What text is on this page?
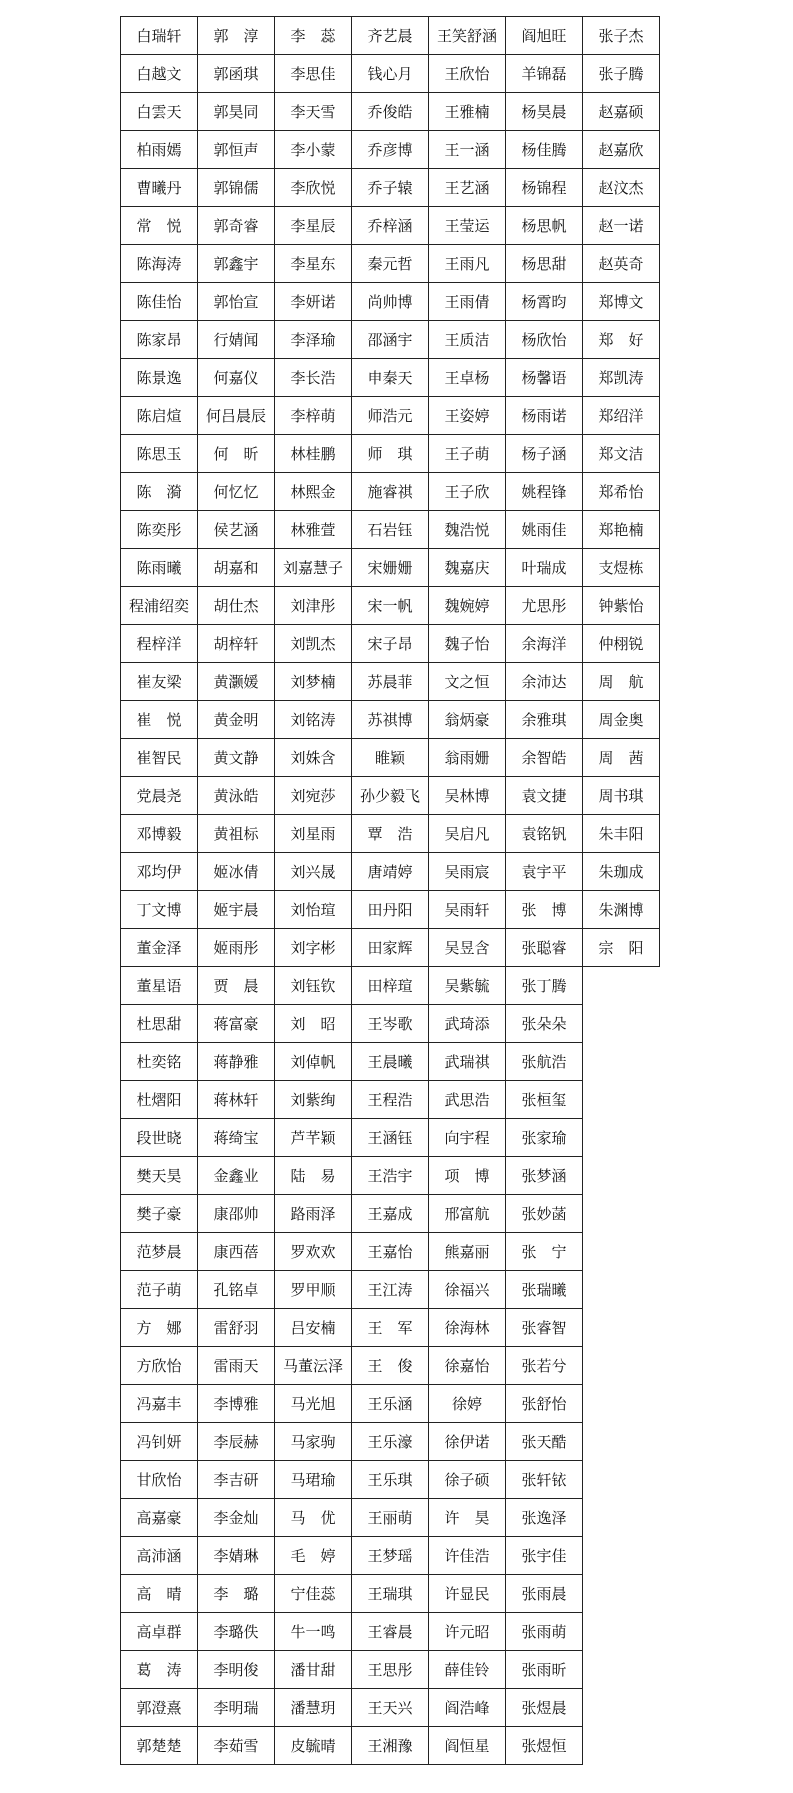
白瑞轩	郭　淳	李　蕊	齐艺晨	王笑舒涵	阎旭旺	张子杰
白越文	郭函琪	李思佳	钱心月	王欣怡	羊锦磊	张子腾
白雲天	郭昊同	李天雪	乔俊皓	王雅楠	杨昊晨	赵嘉硕
柏雨嫣	郭恒声	李小蒙	乔彦博	王一涵	杨佳腾	赵嘉欣
曹曦丹	郭锦儒	李欣悦	乔子辕	王艺涵	杨锦程	赵汶杰
常　悦	郭奇睿	李星辰	乔梓涵	王莹运	杨思帆	赵一诺
陈海涛	郭鑫宇	李星东	秦元哲	王雨凡	杨思甜	赵英奇
陈佳怡	郭怡宣	李妍诺	尚帅博	王雨倩	杨霄昀	郑博文
陈家昂	行婧闻	李泽瑜	邵涵宇	王质洁	杨欣怡	郑　好
陈景逸	何嘉仪	李长浩	申秦天	王卓杨	杨馨语	郑凯涛
陈启煊	何吕晨辰	李梓萌	师浩元	王姿婷	杨雨诺	郑绍洋
陈思玉	何　昕	林桂鹏	师　琪	王子萌	杨子涵	郑文洁
陈　漪	何忆忆	林熙金	施睿祺	王子欣	姚程锋	郑希怡
陈奕彤	侯艺涵	林雅萱	石岩钰	魏浩悦	姚雨佳	郑艳楠
陈雨曦	胡嘉和	刘嘉慧子	宋姗姗	魏嘉庆	叶瑞成	支煜栋
程浦绍奕	胡仕杰	刘津彤	宋一帆	魏婉婷	尤思彤	钟紫怡
程梓洋	胡梓轩	刘凯杰	宋子昂	魏子怡	余海洋	仲栩锐
崔友梁	黄灏媛	刘梦楠	苏晨菲	文之恒	余沛达	周　航
崔　悦	黄金明	刘铭涛	苏祺博	翁炳豪	余雅琪	周金奥
崔智民	黄文静	刘姝含	睢颖	翁雨姗	余智皓	周　茜
党晨尧	黄泳皓	刘宛莎	孙少毅飞	吴林博	袁文捷	周书琪
邓博毅	黄祖标	刘星雨	覃　浩	吴启凡	袁铭钒	朱丰阳
邓均伊	姬冰倩	刘兴晟	唐靖婷	吴雨宸	袁宇平	朱珈成
丁文博	姬宇晨	刘怡瑄	田丹阳	吴雨轩	张　博	朱渊博
董金泽	姬雨彤	刘字彬	田家辉	吴昱含	张聪睿	宗　阳
董星语	贾　晨	刘钰钦	田梓瑄	吴紫毓	张丁腾	
杜思甜	蒋富豪	刘　昭	王岑歌	武琦添	张朵朵	
杜奕铭	蒋静雅	刘倬帆	王晨曦	武瑞祺	张航浩	
杜熠阳	蒋林轩	刘紫绚	王程浩	武思浩	张桓玺	
段世晓	蒋绮宝	芦芊颖	王涵钰	向宇程	张家瑜	
樊天昊	金鑫业	陆　易	王浩宇	项　博	张梦涵	
樊子豪	康邵帅	路雨泽	王嘉成	邢富航	张妙菡	
范梦晨	康西蓓	罗欢欢	王嘉怡	熊嘉丽	张　宁	
范子萌	孔铭卓	罗甲顺	王江涛	徐福兴	张瑞曦	
方　娜	雷舒羽	吕安楠	王　军	徐海林	张睿智	
方欣怡	雷雨天	马董沄泽	王　俊	徐嘉怡	张若兮	
冯嘉丰	李博雅	马光旭	王乐涵	徐婷	张舒怡	
冯钊妍	李辰赫	马家驹	王乐濠	徐伊诺	张天酷	
甘欣怡	李吉研	马珺瑜	王乐琪	徐子硕	张轩铱	
高嘉豪	李金灿	马　优	王丽萌	许　昊	张逸泽	
高沛涵	李婧琳	毛　婷	王梦瑶	许佳浩	张宇佳	
高　晴	李　璐	宁佳蕊	王瑞琪	许显民	张雨晨	
高卓群	李璐佚	牛一鸣	王睿晨	许元昭	张雨萌	
葛　涛	李明俊	潘甘甜	王思彤	薛佳铃	张雨昕	
郭澄熹	李明瑞	潘慧玥	王天兴	阎浩峰	张煜晨	
郭楚楚	李茹雪	皮毓晴	王湘豫	阎恒星	张煜恒	
